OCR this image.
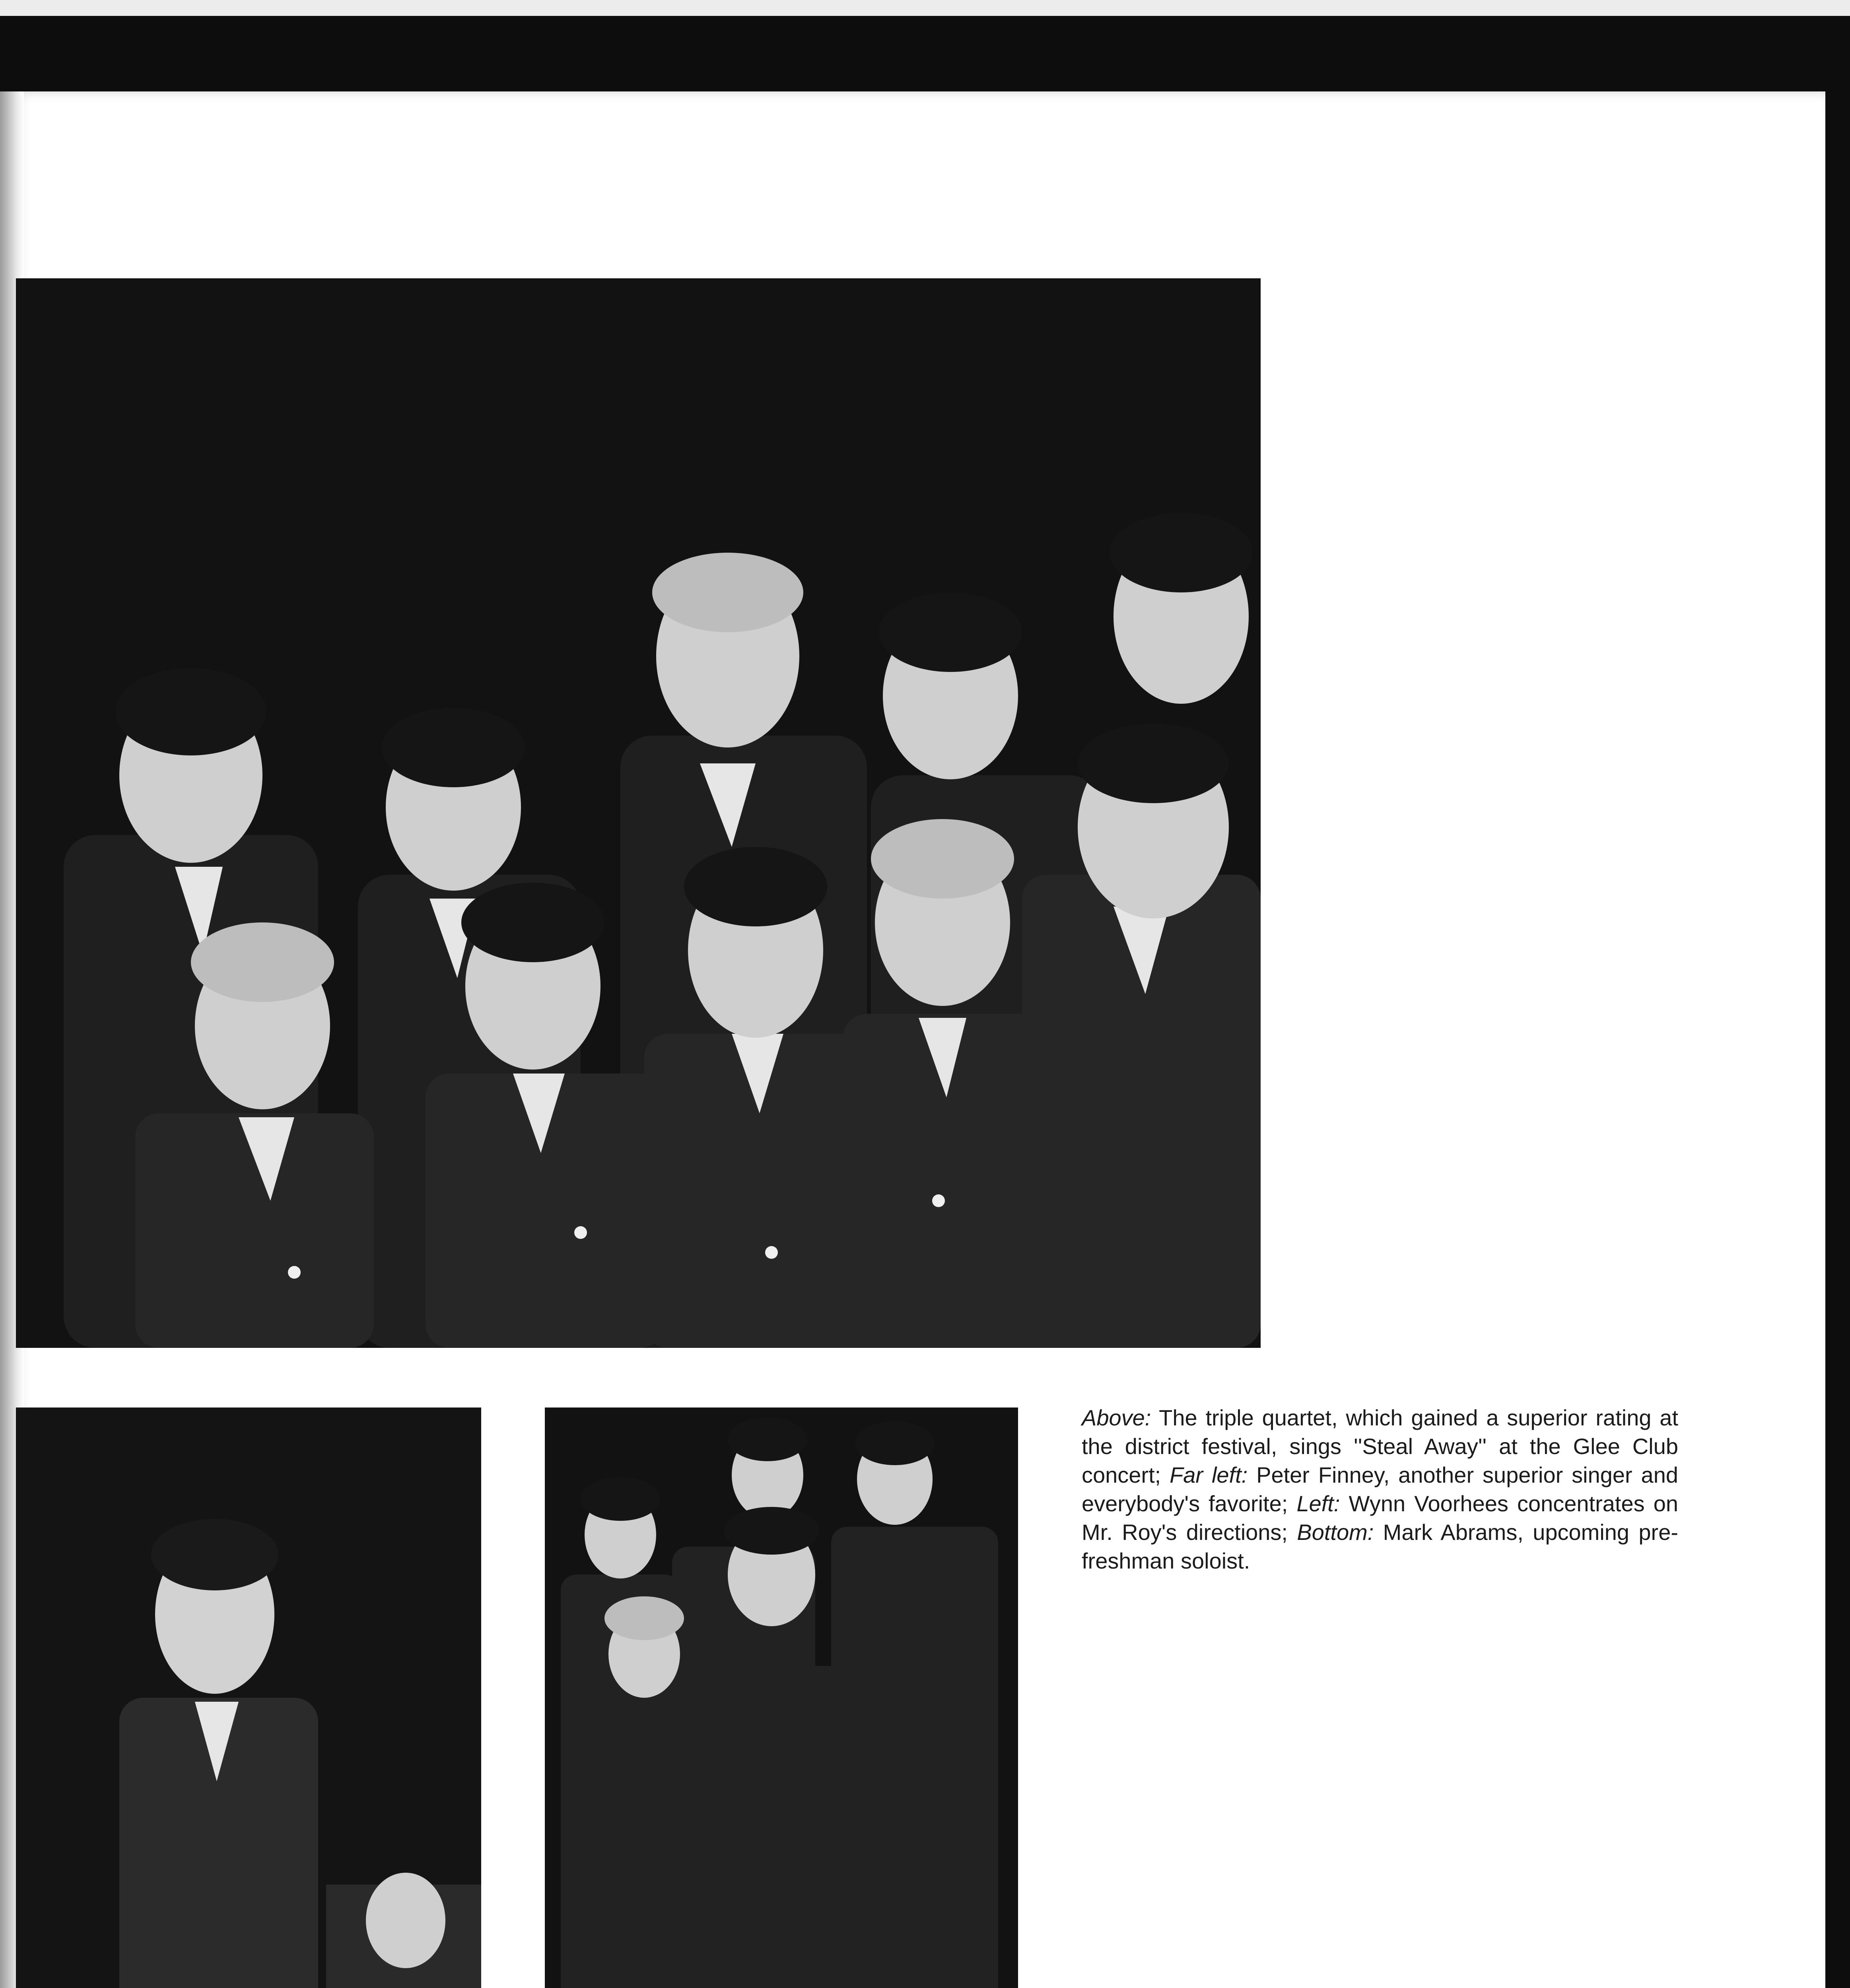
Above: The triple quartet, which gained a superior rating at the district festival, sings ''Steal Away'' at the Glee Club concert; Far left: Peter Finney, another superior singer and everybody's favorite; Left: Wynn Voorhees concentrates on Mr. Roy's directions; Bottom: Mark Abrams, upcoming pre-freshman soloist.
